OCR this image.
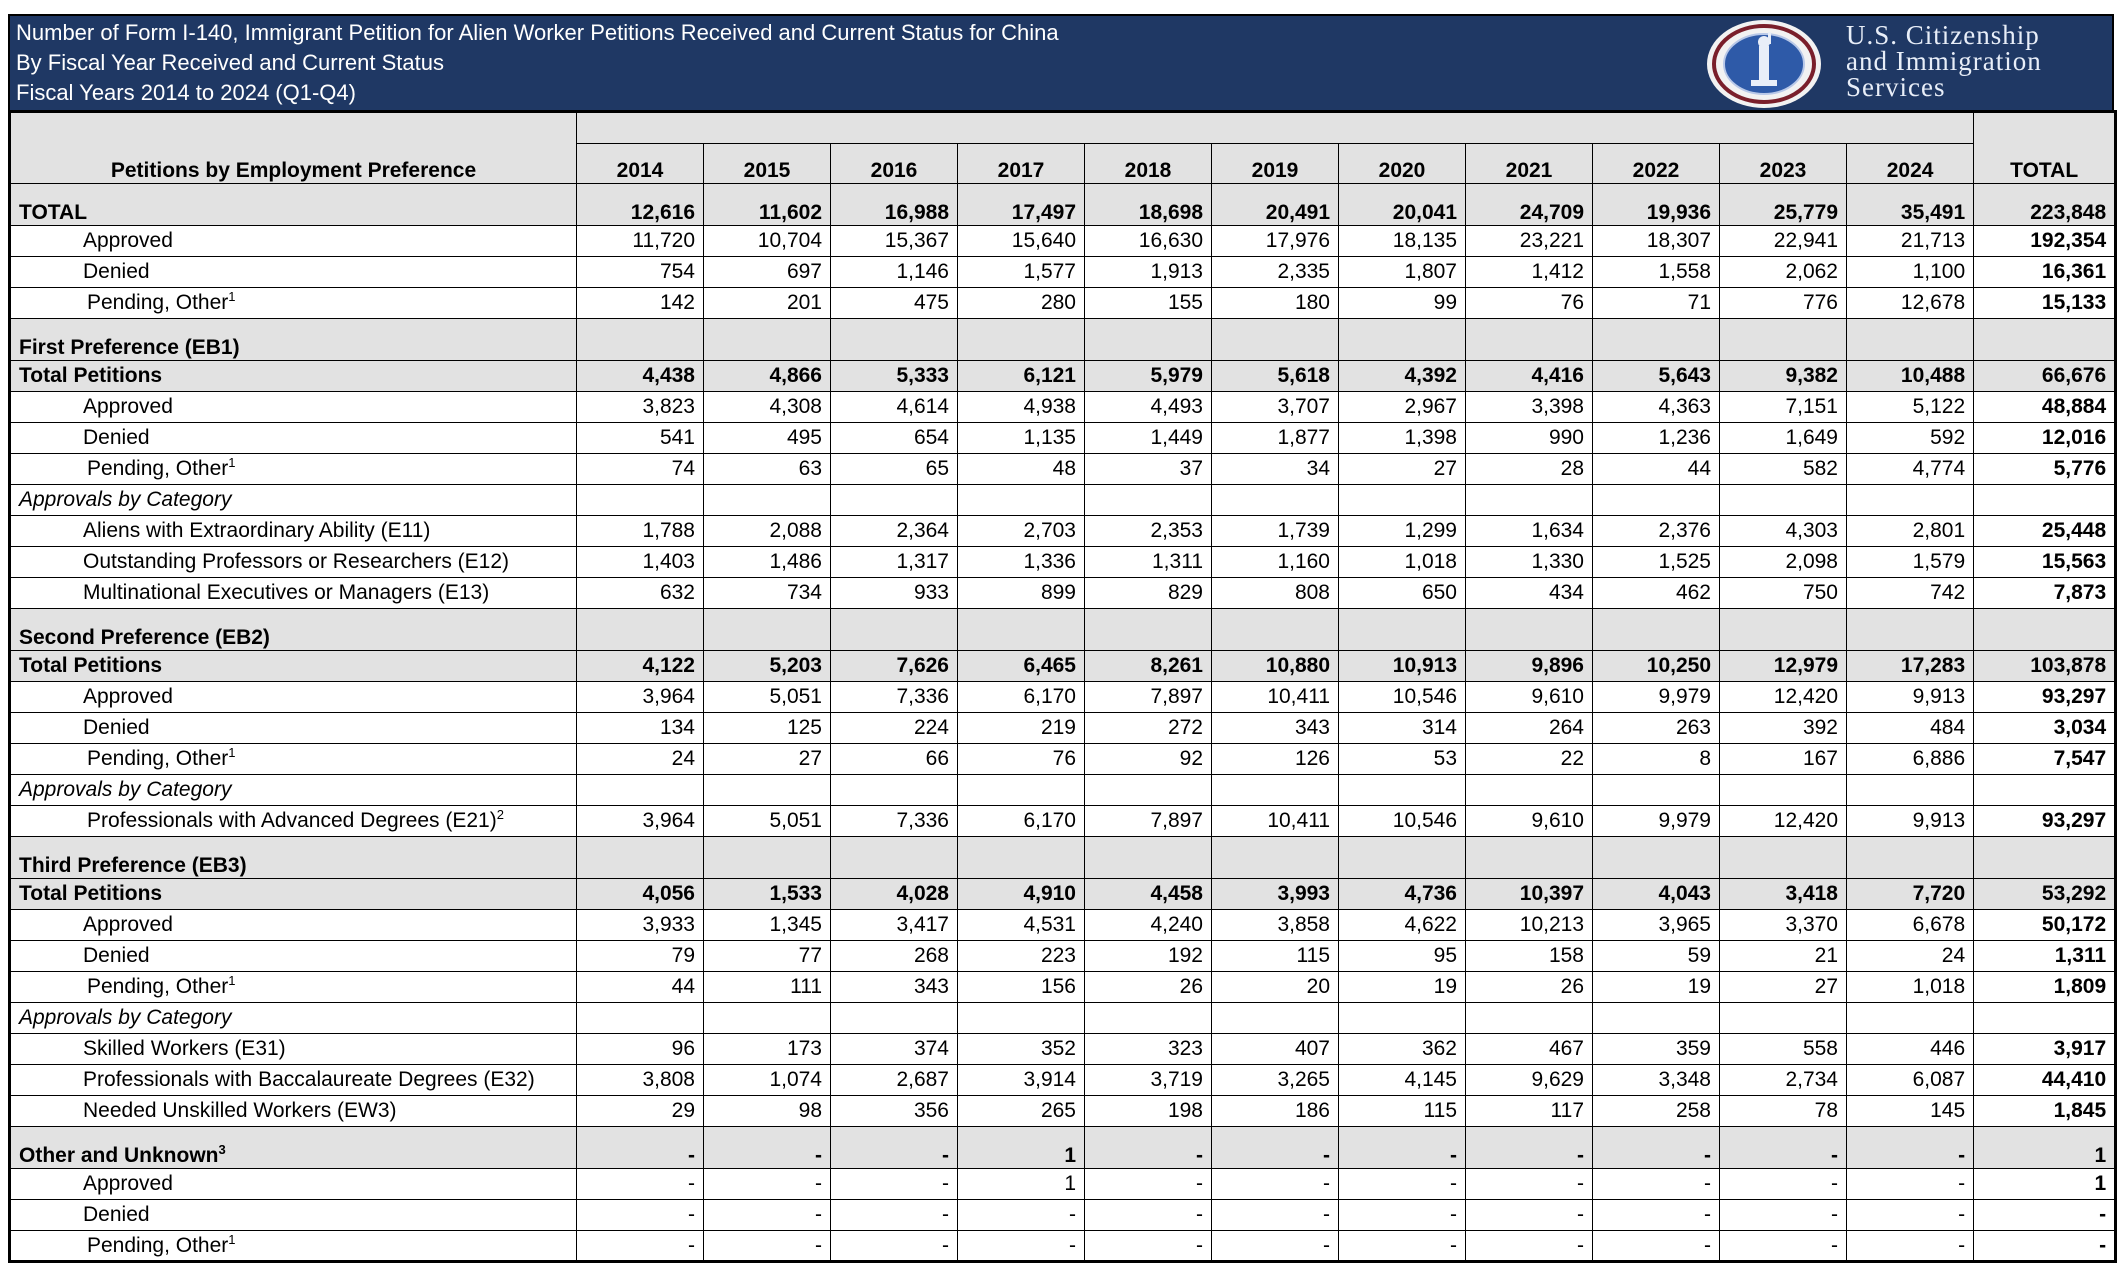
Number of Form I-140, Immigrant Petition for Alien Worker Petitions Received and Current Status for China
By Fiscal Year Received and Current Status
Fiscal Years 2014 to 2024 (Q1-Q4)
U.S. Citizenship
and Immigration
Services
Petitions by Employment Preference												TOTAL
	2014	2015	2016	2017	2018	2019	2020	2021	2022	2023	2024	
TOTAL	12,616	11,602	16,988	17,497	18,698	20,491	20,041	24,709	19,936	25,779	35,491	223,848
Approved	11,720	10,704	15,367	15,640	16,630	17,976	18,135	23,221	18,307	22,941	21,713	192,354
Denied	754	697	1,146	1,577	1,913	2,335	1,807	1,412	1,558	2,062	1,100	16,361
Pending, Other$^1$	142	201	475	280	155	180	99	76	71	776	12,678	15,133
First Preference (EB1)												
Total Petitions	4,438	4,866	5,333	6,121	5,979	5,618	4,392	4,416	5,643	9,382	10,488	66,676
Approved	3,823	4,308	4,614	4,938	4,493	3,707	2,967	3,398	4,363	7,151	5,122	48,884
Denied	541	495	654	1,135	1,449	1,877	1,398	990	1,236	1,649	592	12,016
Pending, Other$^1$	74	63	65	48	37	34	27	28	44	582	4,774	5,776
Approvals by Category												
Aliens with Extraordinary Ability (E11)	1,788	2,088	2,364	2,703	2,353	1,739	1,299	1,634	2,376	4,303	2,801	25,448
Outstanding Professors or Researchers (E12)	1,403	1,486	1,317	1,336	1,311	1,160	1,018	1,330	1,525	2,098	1,579	15,563
Multinational Executives or Managers (E13)	632	734	933	899	829	808	650	434	462	750	742	7,873
Second Preference (EB2)												
Total Petitions	4,122	5,203	7,626	6,465	8,261	10,880	10,913	9,896	10,250	12,979	17,283	103,878
Approved	3,964	5,051	7,336	6,170	7,897	10,411	10,546	9,610	9,979	12,420	9,913	93,297
Denied	134	125	224	219	272	343	314	264	263	392	484	3,034
Pending, Other$^1$	24	27	66	76	92	126	53	22	8	167	6,886	7,547
Approvals by Category												
Professionals with Advanced Degrees $(E21)^2$	3,964	5,051	7,336	6,170	7,897	10,411	10,546	9,610	9,979	12,420	9,913	93,297
Third Preference (EB3)												
Total Petitions	4,056	1,533	4,028	4,910	4,458	3,993	4,736	10,397	4,043	3,418	7,720	53,292
Approved	3,933	1,345	3,417	4,531	4,240	3,858	4,622	10,213	3,965	3,370	6,678	50,172
Denied	79	77	268	223	192	115	95	158	59	21	24	1,311
Pending, Other$^1$	44	111	343	156	26	20	19	26	19	27	1,018	1,809
Approvals by Category												
Skilled Workers (E31)	96	173	374	352	323	407	362	467	359	558	446	3,917
Professionals with Baccalaureate Degrees (E32)	3,808	1,074	2,687	3,914	3,719	3,265	4,145	9,629	3,348	2,734	6,087	44,410
Needed Unskilled Workers (EW3)	29	98	356	265	198	186	115	117	258	78	145	1,845
Other and Unknown$^3$	-	-	-	1	-	-	-	-	-	-	-	1
Approved	-	-	-	1	-	-	-	-	-	-	-	1
Denied	-	-	-	-	-	-	-	-	-	-	-	-
Pending, Other$^1$	-	-	-	-	-	-	-	-	-	-	-	-
